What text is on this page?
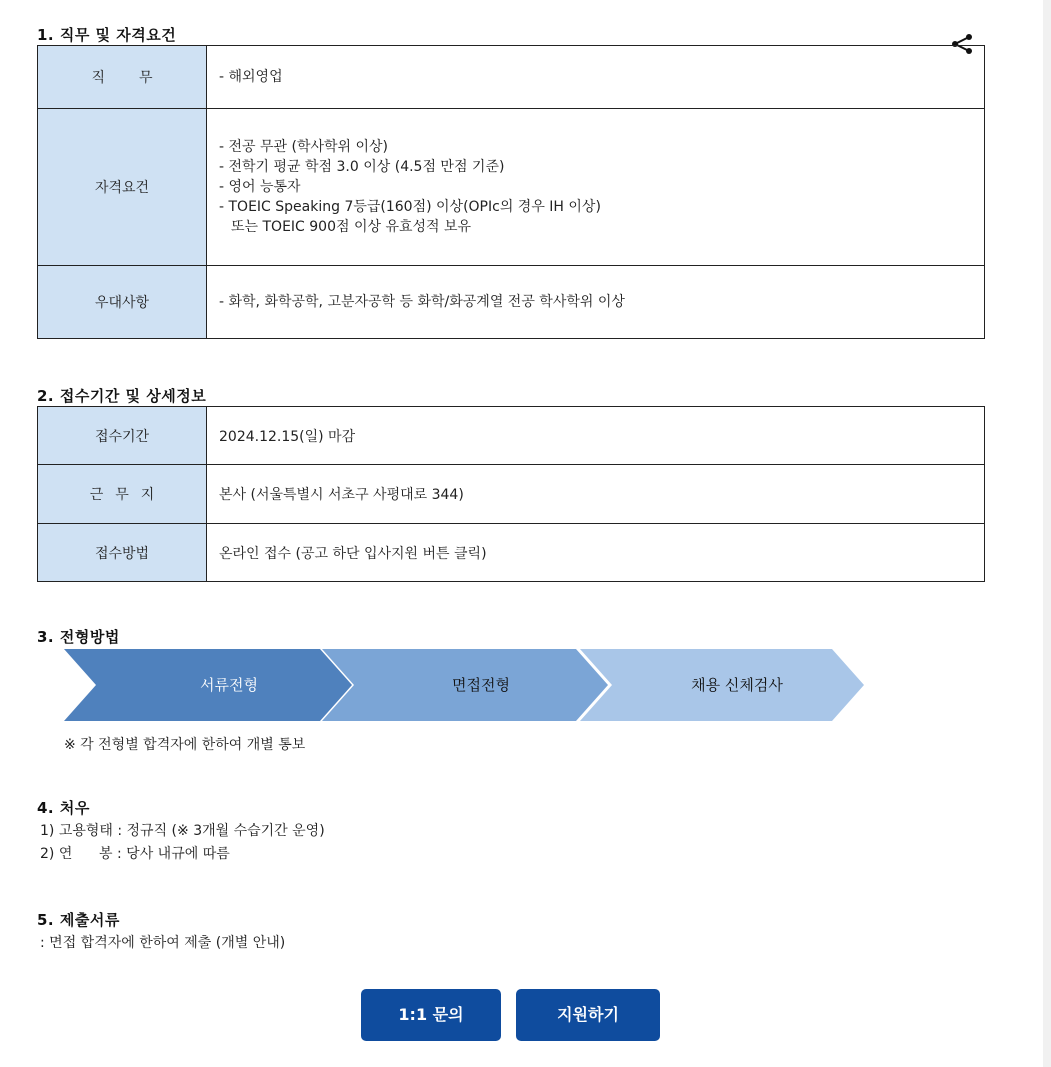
1. 직무 및 자격요건
직무	- 해외영업

자격요건	- 전공 무관 (학사학위 이상)
- 전학기 평균 학점 3.0 이상 (4.5점 만점 기준)
- 영어 능통자
- TOEIC Speaking 7등급(160점) 이상(OPIc의 경우 IH 이상)
또는 TOEIC 900점 이상 유효성적 보유

우대사항	- 화학, 화학공학, 고분자공학 등 화학/화공계열 전공 학사학위 이상
2. 접수기간 및 상세정보
접수기간	2024.12.15(일) 마감
근무지	본사 (서울특별시 서초구 사평대로 344)
접수방법	온라인 접수 (공고 하단 입사지원 버튼 클릭)
3. 전형방법
서류전형	면접전형	채용 신체검사
※ 각 전형별 합격자에 한하여 개별 통보
4. 처우
1) 고용형태 : 정규직 (※ 3개월 수습기간 운영)
2) 연      봉 : 당사 내규에 따름
5. 제출서류
: 면접 합격자에 한하여 제출 (개별 안내)
1:1 문의	지원하기
